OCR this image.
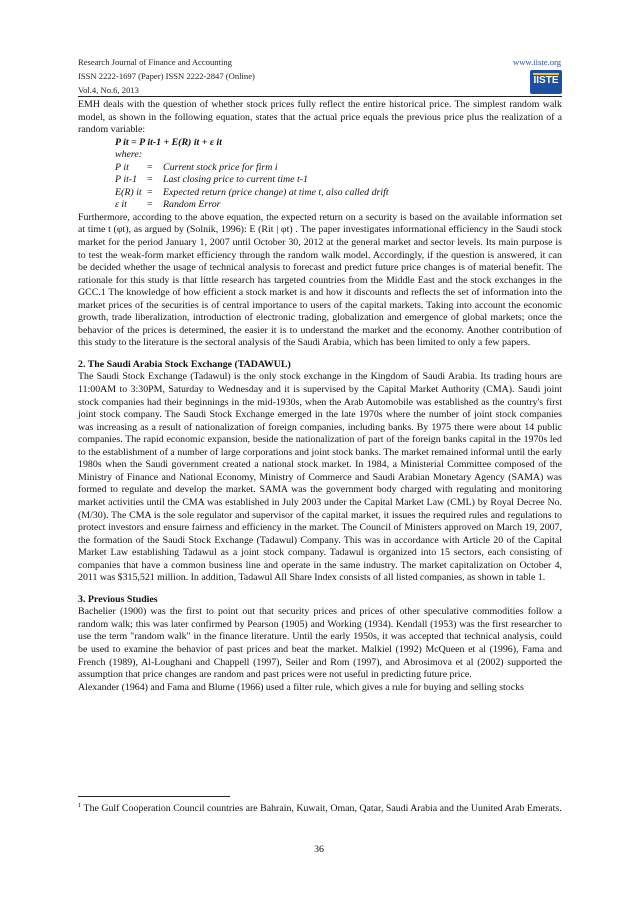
Research Journal of Finance and Accounting
ISSN 2222-1697 (Paper) ISSN 2222-2847 (Online)
Vol.4, No.6, 2013
www.iiste.org
IISTE

EMH deals with the question of whether stock prices fully reflect the entire historical price. The simplest random walk model, as shown in the following equation, states that the actual price equals the previous price plus the realization of a random variable:

P it = P it-1 + E(R) it + ε it

where:

P it	=	Current stock price for firm i
P it-1	=	Last closing price to current time t-1
E(R) it =	Expected return (price change) at time t, also called drift
ε it	=	Random Error

Furthermore, according to the above equation, the expected return on a security is based on the available information set at time t (φt), as argued by (Solnik, 1996): E (Rit | φt) . The paper investigates informational efficiency in the Saudi stock market for the period January 1, 2007 until October 30, 2012 at the general market and sector levels. Its main purpose is to test the weak-form market efficiency through the random walk model. Accordingly, if the question is answered, it can be decided whether the usage of technical analysis to forecast and predict future price changes is of material benefit. The rationale for this study is that little research has targeted countries from the Middle East and the stock exchanges in the GCC.1 The knowledge of how efficient a stock market is and how it discounts and reflects the set of information into the market prices of the securities is of central importance to users of the capital markets. Taking into account the economic growth, trade liberalization, introduction of electronic trading, globalization and emergence of global markets; once the behavior of the prices is determined, the easier it is to understand the market and the economy. Another contribution of this study to the literature is the sectoral analysis of the Saudi Arabia, which has been limited to only a few papers.

2. The Saudi Arabia Stock Exchange (TADAWUL)

The Saudi Stock Exchange (Tadawul) is the only stock exchange in the Kingdom of Saudi Arabia. Its trading hours are 11:00AM to 3:30PM, Saturday to Wednesday and it is supervised by the Capital Market Authority (CMA). Saudi joint stock companies had their beginnings in the mid-1930s, when the Arab Automobile was established as the country's first joint stock company. The Saudi Stock Exchange emerged in the late 1970s where the number of joint stock companies was increasing as a result of nationalization of foreign companies, including banks. By 1975 there were about 14 public companies. The rapid economic expansion, beside the nationalization of part of the foreign banks capital in the 1970s led to the establishment of a number of large corporations and joint stock banks. The market remained informal until the early 1980s when the Saudi government created a national stock market. In 1984, a Ministerial Committee composed of the Ministry of Finance and National Economy, Ministry of Commerce and Saudi Arabian Monetary Agency (SAMA) was formed to regulate and develop the market. SAMA was the government body charged with regulating and monitoring market activities until the CMA was established in July 2003 under the Capital Market Law (CML) by Royal Decree No. (M/30). The CMA is the sole regulator and supervisor of the capital market, it issues the required rules and regulations to protect investors and ensure fairness and efficiency in the market. The Council of Ministers approved on March 19, 2007, the formation of the Saudi Stock Exchange (Tadawul) Company. This was in accordance with Article 20 of the Capital Market Law establishing Tadawul as a joint stock company. Tadawul is organized into 15 sectors, each consisting of companies that have a common business line and operate in the same industry. The market capitalization on October 4, 2011 was $315,521 million. In addition, Tadawul All Share Index consists of all listed companies, as shown in table 1.

3. Previous Studies

Bachelier (1900) was the first to point out that security prices and prices of other speculative commodities follow a random walk; this was later confirmed by Pearson (1905) and Working (1934). Kendall (1953) was the first researcher to use the term "random walk" in the finance literature. Until the early 1950s, it was accepted that technical analysis, could be used to examine the behavior of past prices and beat the market. Malkiel (1992) McQueen et al (1996), Fama and French (1989), Al-Loughani and Chappell (1997), Seiler and Rom (1997), and Abrosimova et al (2002) supported the assumption that price changes are random and past prices were not useful in predicting future price.

Alexander (1964) and Fama and Blume (1966) used a filter rule, which gives a rule for buying and selling stocks

$^1$ The Gulf Cooperation Council countries are Bahrain, Kuwait, Oman, Qatar, Saudi Arabia and the Uunited Arab Emerats.
36
